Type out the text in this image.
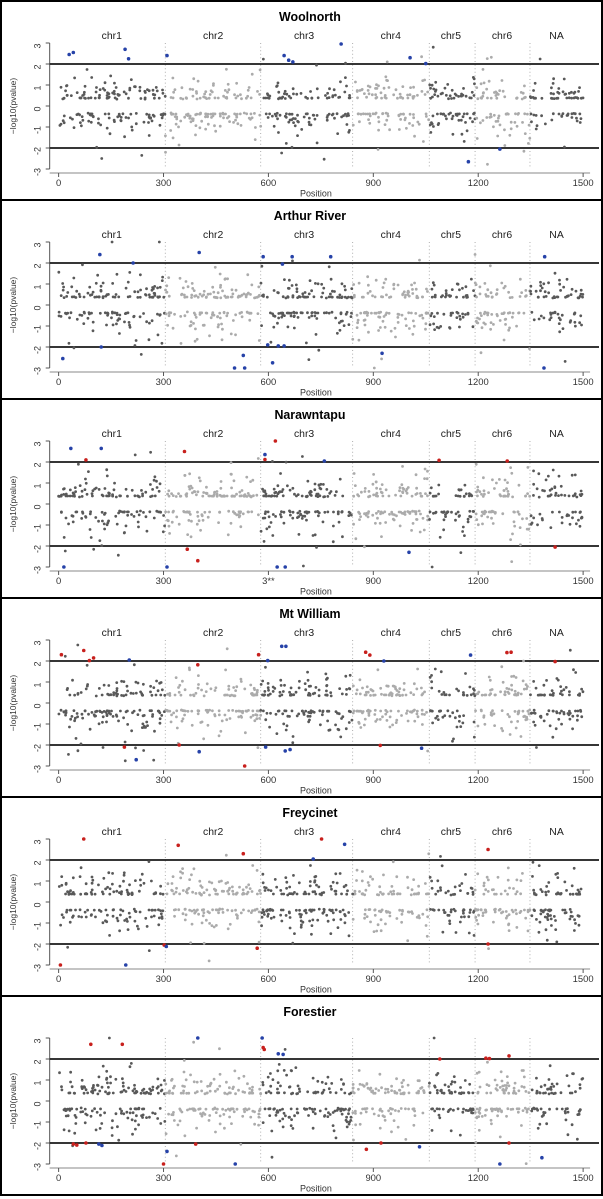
Woolnorth
chr1	chr2	chr3	chr4	chr5	chr6	NA
3
2
1
0
-1
-2
-3
−log10(pvalue)
0	300	600	900	1200	1500
Position
Arthur River
chr1	chr2	chr3	chr4	chr5	chr6	NA
3
2
1
0
-1
-2
-3
−log10(pvalue)
0	300	600	900	1200	1500
Position
Narawntapu
chr1	chr2	chr3	chr4	chr5	chr6	NA
3
2
1
0
-1
-2
-3
−log10(pvalue)
0	300	3**	900	1200	1500
Position
Mt William
chr1	chr2	chr3	chr4	chr5	chr6	NA
3
2
1
0
-1
-2
-3
−log10(pvalue)
0	300	600	900	1200	1500
Position
Freycinet
chr1	chr2	chr3	chr4	chr5	chr6	NA
3
2
1
0
-1
-2
-3
−log10(pvalue)
0	300	600	900	1200	1500
Position
Forestier
3
2
1
0
-1
-2
-3
−log10(pvalue)
0	300	600	900	1200	1500
Position
